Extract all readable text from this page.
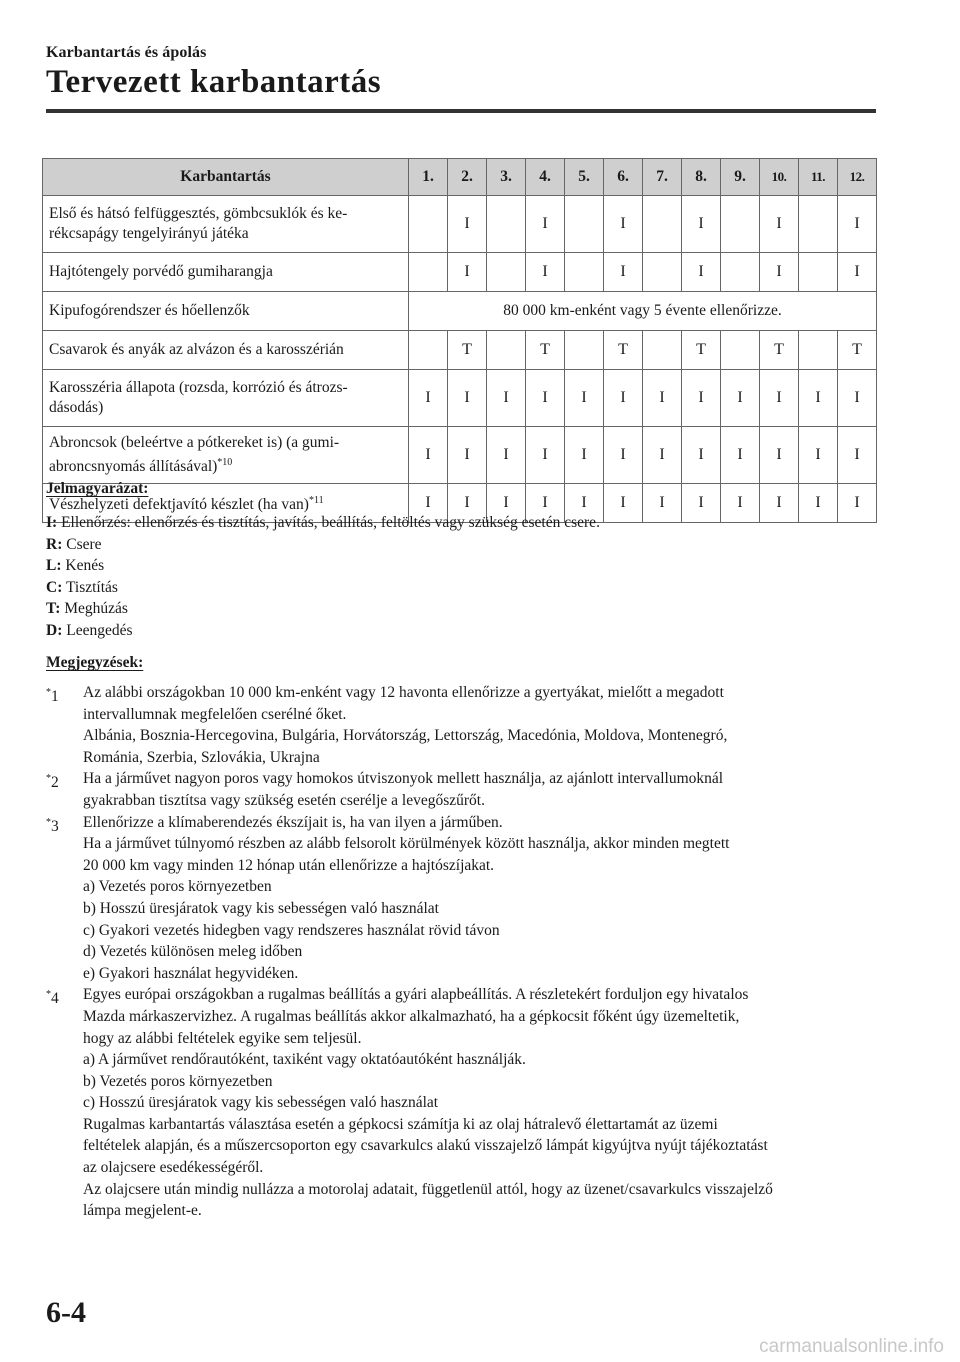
Karbantartás és ápolás
Tervezett karbantartás
Karbantartás	1.	2.	3.	4.	5.	6.	7.	8.	9.	10.	11.	12.
Első és hátsó felfüggesztés, gömbcsuklók és ke-
rékcsapágy tengelyirányú játéka		I		I		I		I		I		I
Hajtótengely porvédő gumiharangja		I		I		I		I		I		I
Kipufogórendszer és hőellenzők	80 000 km-enként vagy 5 évente ellenőrizze.											
Csavarok és anyák az alvázon és a karosszérián		T		T		T		T		T		T
Karosszéria állapota (rozsda, korrózió és átrozs-
dásodás)	I	I	I	I	I	I	I	I	I	I	I	I
Abroncsok (beleértve a pótkereket is) (a gumi-
abroncsnyomás állításával)$^{*10}$	I	I	I	I	I	I	I	I	I	I	I	I
Vészhelyzeti defektjavító készlet (ha van)$^{*11}$	I	I	I	I	I	I	I	I	I	I	I	I
Jelmagyarázat:
I: Ellenőrzés: ellenőrzés és tisztítás, javítás, beállítás, feltöltés vagy szükség esetén csere.
R: Csere
L: Kenés
C: Tisztítás
T: Meghúzás
D: Leengedés
Megjegyzések:
*1	Az alábbi országokban 10 000 km-enként vagy 12 havonta ellenőrizze a gyertyákat, mielőtt a megadott
intervallumnak megfelelően cserélné őket.
Albánia, Bosznia-Hercegovina, Bulgária, Horvátország, Lettország, Macedónia, Moldova, Montenegró,
Románia, Szerbia, Szlovákia, Ukrajna
*2	Ha a járművet nagyon poros vagy homokos útviszonyok mellett használja, az ajánlott intervallumoknál
gyakrabban tisztítsa vagy szükség esetén cserélje a levegőszűrőt.
*3	Ellenőrizze a klímaberendezés ékszíjait is, ha van ilyen a járműben.
Ha a járművet túlnyomó részben az alább felsorolt körülmények között használja, akkor minden megtett
20 000 km vagy minden 12 hónap után ellenőrizze a hajtószíjakat.
a) Vezetés poros környezetben
b) Hosszú üresjáratok vagy kis sebességen való használat
c) Gyakori vezetés hidegben vagy rendszeres használat rövid távon
d) Vezetés különösen meleg időben
e) Gyakori használat hegyvidéken.
*4	Egyes európai országokban a rugalmas beállítás a gyári alapbeállítás. A részletekért forduljon egy hivatalos
Mazda márkaszervizhez. A rugalmas beállítás akkor alkalmazható, ha a gépkocsit főként úgy üzemeltetik,
hogy az alábbi feltételek egyike sem teljesül.
a) A járművet rendőrautóként, taxiként vagy oktatóautóként használják.
b) Vezetés poros környezetben
c) Hosszú üresjáratok vagy kis sebességen való használat
Rugalmas karbantartás választása esetén a gépkocsi számítja ki az olaj hátralevő élettartamát az üzemi
feltételek alapján, és a műszercsoporton egy csavarkulcs alakú visszajelző lámpát kigyújtva nyújt tájékoztatást
az olajcsere esedékességéről.
Az olajcsere után mindig nullázza a motorolaj adatait, függetlenül attól, hogy az üzenet/csavarkulcs visszajelző
lámpa megjelent-e.
6-4
carmanualsonline.info
